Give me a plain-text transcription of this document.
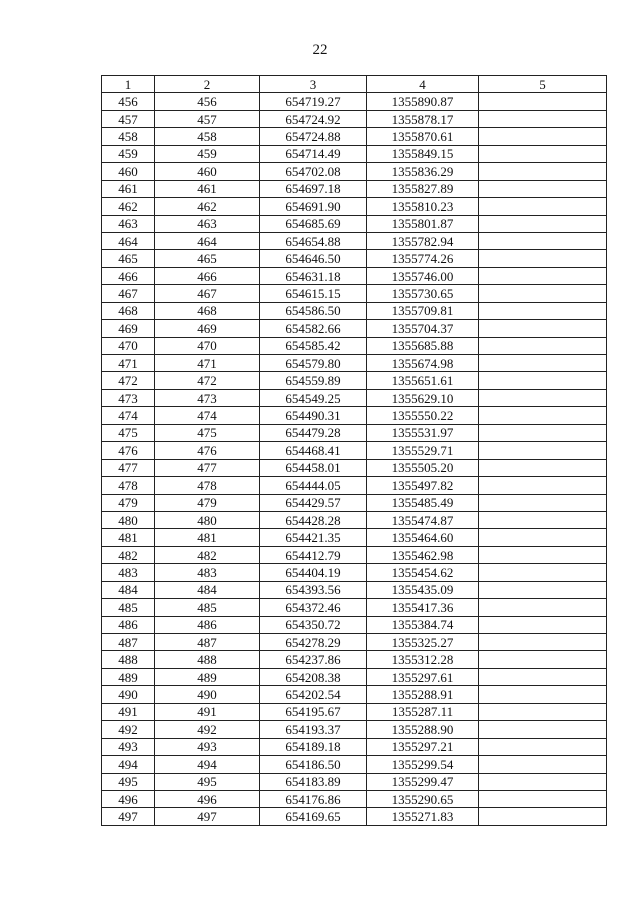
22
1	2	3	4	5
456	456	654719.27	1355890.87	
457	457	654724.92	1355878.17	
458	458	654724.88	1355870.61	
459	459	654714.49	1355849.15	
460	460	654702.08	1355836.29	
461	461	654697.18	1355827.89	
462	462	654691.90	1355810.23	
463	463	654685.69	1355801.87	
464	464	654654.88	1355782.94	
465	465	654646.50	1355774.26	
466	466	654631.18	1355746.00	
467	467	654615.15	1355730.65	
468	468	654586.50	1355709.81	
469	469	654582.66	1355704.37	
470	470	654585.42	1355685.88	
471	471	654579.80	1355674.98	
472	472	654559.89	1355651.61	
473	473	654549.25	1355629.10	
474	474	654490.31	1355550.22	
475	475	654479.28	1355531.97	
476	476	654468.41	1355529.71	
477	477	654458.01	1355505.20	
478	478	654444.05	1355497.82	
479	479	654429.57	1355485.49	
480	480	654428.28	1355474.87	
481	481	654421.35	1355464.60	
482	482	654412.79	1355462.98	
483	483	654404.19	1355454.62	
484	484	654393.56	1355435.09	
485	485	654372.46	1355417.36	
486	486	654350.72	1355384.74	
487	487	654278.29	1355325.27	
488	488	654237.86	1355312.28	
489	489	654208.38	1355297.61	
490	490	654202.54	1355288.91	
491	491	654195.67	1355287.11	
492	492	654193.37	1355288.90	
493	493	654189.18	1355297.21	
494	494	654186.50	1355299.54	
495	495	654183.89	1355299.47	
496	496	654176.86	1355290.65	
497	497	654169.65	1355271.83	
